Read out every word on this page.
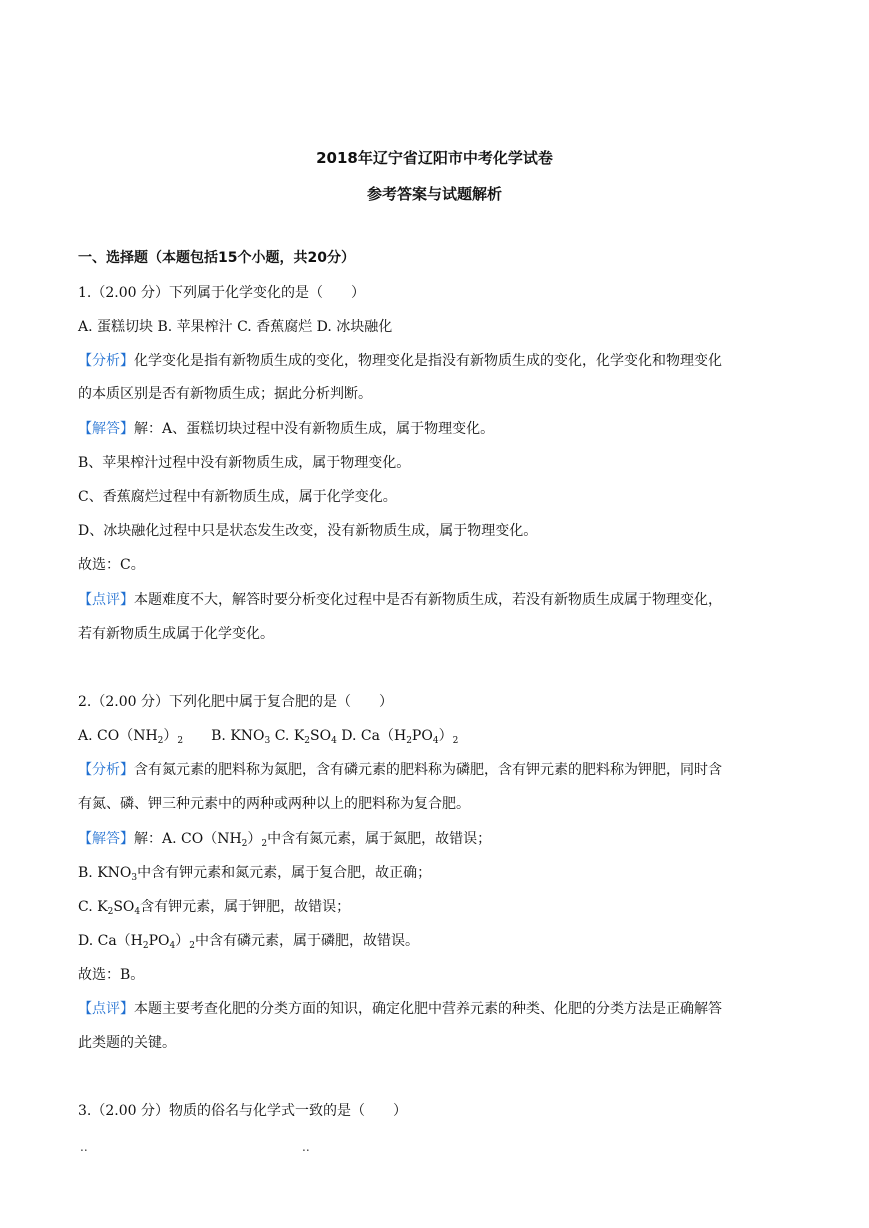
2018年辽宁省辽阳市中考化学试卷
参考答案与试题解析
一、选择题（本题包括15个小题，共20分）
1.（2.00 分）下列属于化学变化的是（　　）
A. 蛋糕切块 B. 苹果榨汁 C. 香蕉腐烂 D. 冰块融化
【分析】化学变化是指有新物质生成的变化，物理变化是指没有新物质生成的变化，化学变化和物理变化
的本质区别是否有新物质生成；据此分析判断。
【解答】解：A、蛋糕切块过程中没有新物质生成，属于物理变化。
B、苹果榨汁过程中没有新物质生成，属于物理变化。
C、香蕉腐烂过程中有新物质生成，属于化学变化。
D、冰块融化过程中只是状态发生改变，没有新物质生成，属于物理变化。
故选：C。
【点评】本题难度不大，解答时要分析变化过程中是否有新物质生成，若没有新物质生成属于物理变化，
若有新物质生成属于化学变化。
2.（2.00 分）下列化肥中属于复合肥的是（　　）
A. $CO(NH_2)_2$ B. $KNO_3$ C. $K_2SO_4$ D. $Ca(H_2PO_4)_2$
【分析】含有氮元素的肥料称为氮肥，含有磷元素的肥料称为磷肥，含有钾元素的肥料称为钾肥，同时含
有氮、磷、钾三种元素中的两种或两种以上的肥料称为复合肥。
【解答】解：A. $CO(NH_2)_2$中含有氮元素，属于氮肥，故错误；
B. $KNO_3$中含有钾元素和氮元素，属于复合肥，故正确；
C. $K_2SO_4$含有钾元素，属于钾肥，故错误；
D. $Ca(H_2PO_4)_2$中含有磷元素，属于磷肥，故错误。
故选：B。
【点评】本题主要考查化肥的分类方面的知识，确定化肥中营养元素的种类、化肥的分类方法是正确解答
此类题的关键。
3.（2.00 分）物质的俗名与化学式一致的是（　　）
..	..
